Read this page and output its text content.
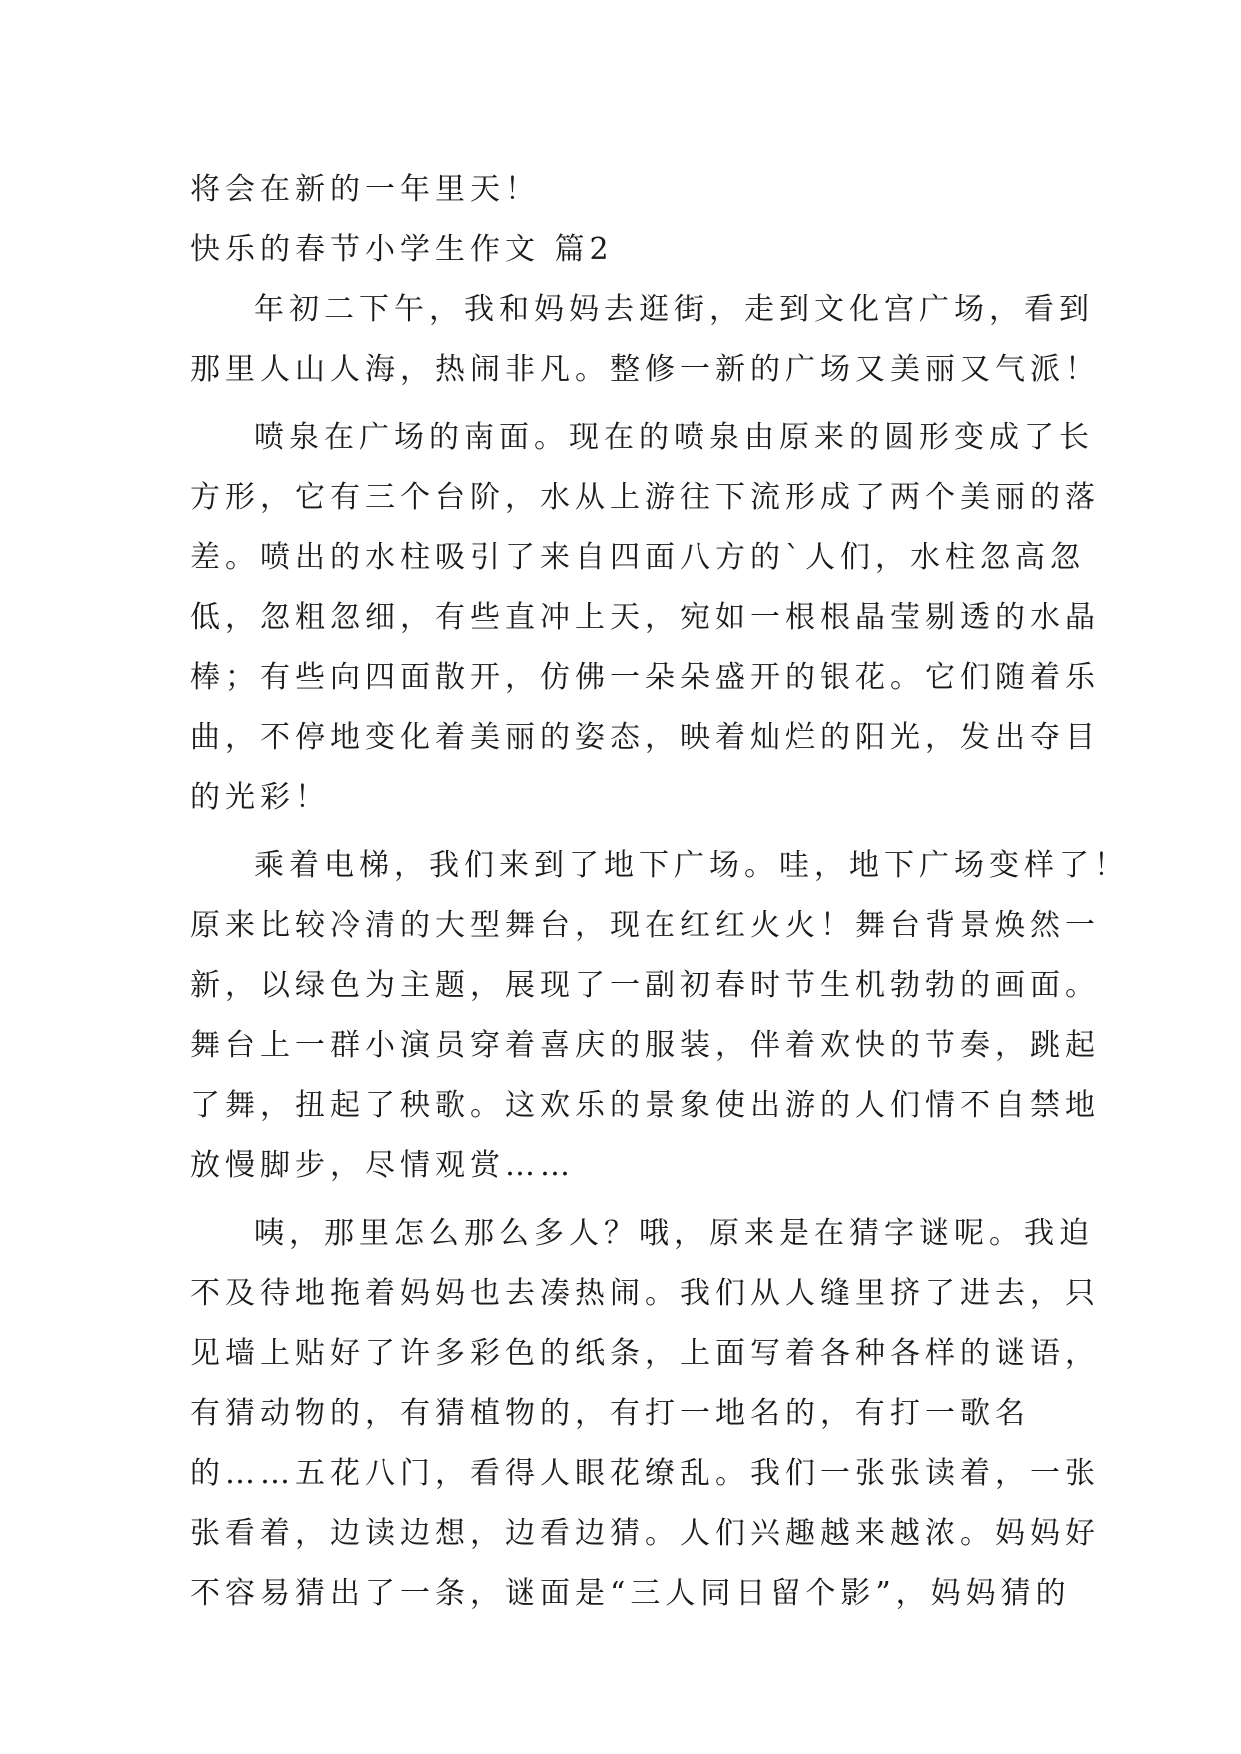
将会在新的一年里天！

快乐的春节小学生作文 篇2

年初二下午，我和妈妈去逛街，走到文化宫广场，看到

那里人山人海，热闹非凡。整修一新的广场又美丽又气派！

喷泉在广场的南面。现在的喷泉由原来的圆形变成了长

方形，它有三个台阶，水从上游往下流形成了两个美丽的落

差。喷出的水柱吸引了来自四面八方的`人们，水柱忽高忽

低，忽粗忽细，有些直冲上天，宛如一根根晶莹剔透的水晶

棒；有些向四面散开，仿佛一朵朵盛开的银花。它们随着乐

曲，不停地变化着美丽的姿态，映着灿烂的阳光，发出夺目

的光彩！

乘着电梯，我们来到了地下广场。哇，地下广场变样了！

原来比较冷清的大型舞台，现在红红火火！舞台背景焕然一

新，以绿色为主题，展现了一副初春时节生机勃勃的画面。

舞台上一群小演员穿着喜庆的服装，伴着欢快的节奏，跳起

了舞，扭起了秧歌。这欢乐的景象使出游的人们情不自禁地

放慢脚步，尽情观赏……

咦，那里怎么那么多人？哦，原来是在猜字谜呢。我迫

不及待地拖着妈妈也去凑热闹。我们从人缝里挤了进去，只

见墙上贴好了许多彩色的纸条，上面写着各种各样的谜语，

有猜动物的，有猜植物的，有打一地名的，有打一歌名

的……五花八门，看得人眼花缭乱。我们一张张读着，一张

张看着，边读边想，边看边猜。人们兴趣越来越浓。妈妈好

不容易猜出了一条，谜面是“三人同日留个影”，妈妈猜的
